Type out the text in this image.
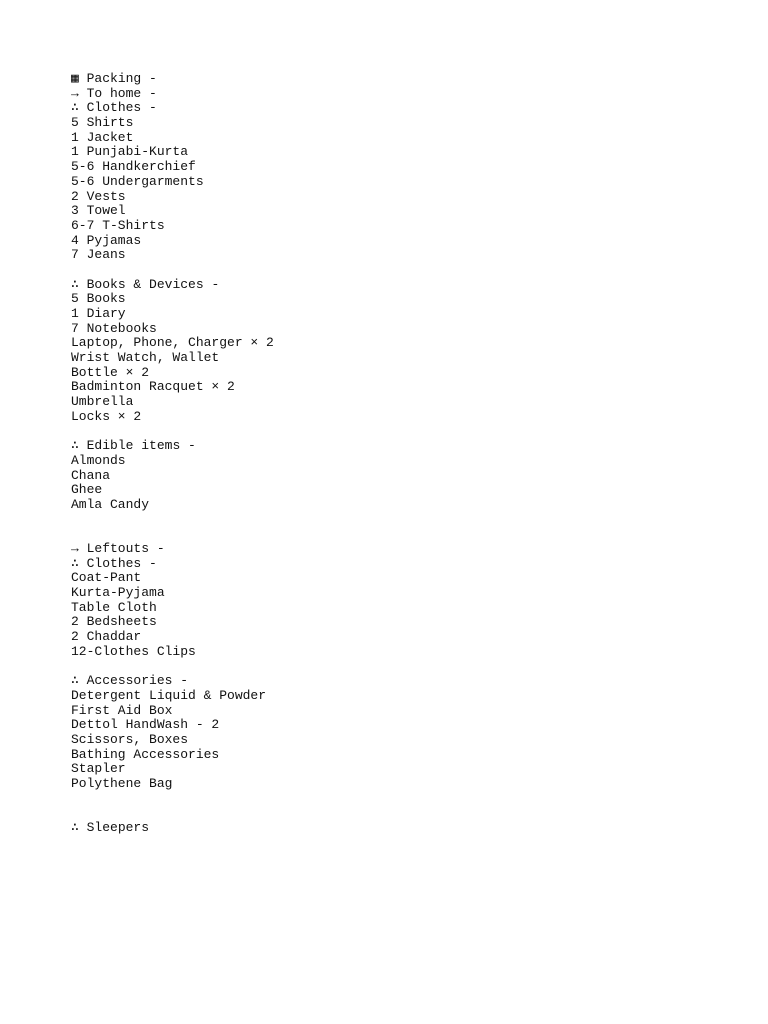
▦ Packing -
→ To home -
∴ Clothes -
5 Shirts
1 Jacket
1 Punjabi-Kurta
5-6 Handkerchief
5-6 Undergarments
2 Vests
3 Towel
6-7 T-Shirts
4 Pyjamas
7 Jeans
∴ Books & Devices -
5 Books
1 Diary
7 Notebooks
Laptop, Phone, Charger × 2
Wrist Watch, Wallet
Bottle × 2
Badminton Racquet × 2
Umbrella
Locks × 2
∴ Edible items -
Almonds
Chana
Ghee
Amla Candy
→ Leftouts -
∴ Clothes -
Coat-Pant
Kurta-Pyjama
Table Cloth
2 Bedsheets
2 Chaddar
12-Clothes Clips
∴ Accessories -
Detergent Liquid & Powder
First Aid Box
Dettol HandWash - 2
Scissors, Boxes
Bathing Accessories
Stapler
Polythene Bag
∴ Sleepers
